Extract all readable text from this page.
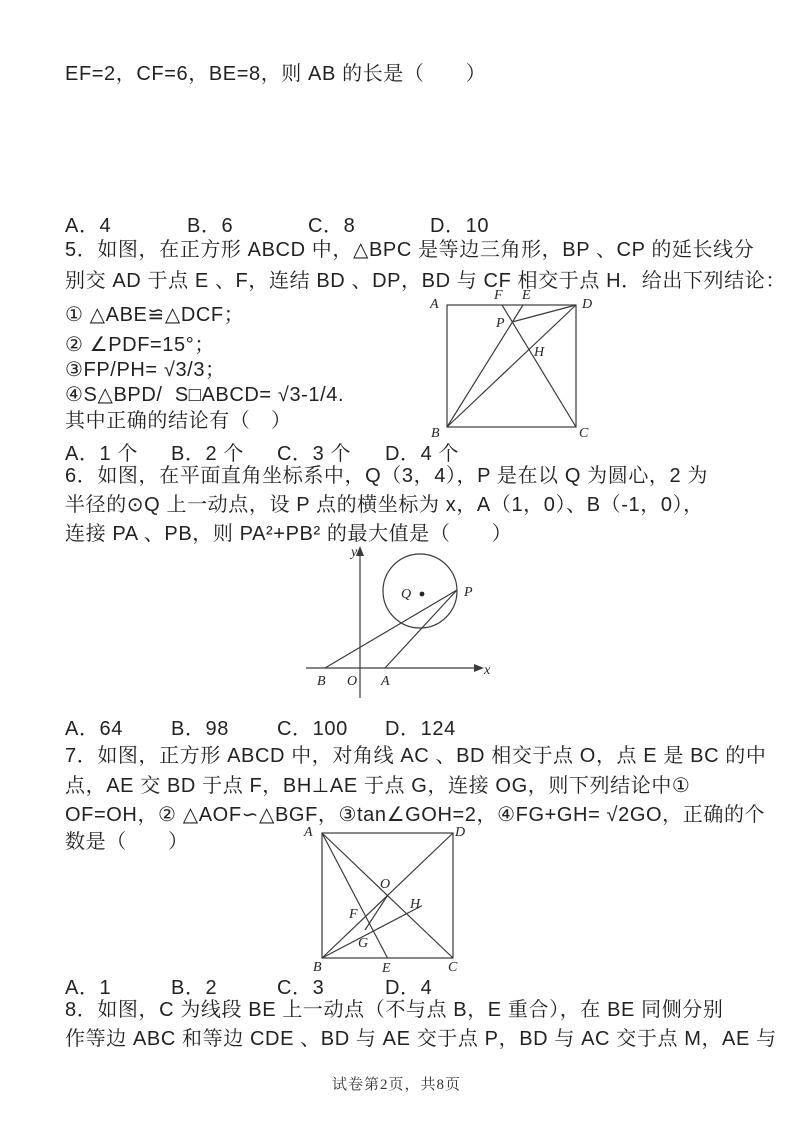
EF=2，CF=6，BE=8，则 AB 的长是（　　）
A．4	B．6	C．8	D．10
5．如图，在正方形 ABCD 中，△BPC 是等边三角形，BP 、CP 的延长线分
别交 AD 于点 E 、F，连结 BD 、DP，BD 与 CF 相交于点 H．给出下列结论：
① △ABE≌△DCF；
② ∠PDF=15°；
③FP/PH= √3/3；
④S△BPD/  S□ABCD= √3-1/4.
其中正确的结论有（　）
A．1 个	B．2 个	C．3 个	D．4 个
A
F E
D
P
H
B	C
6．如图，在平面直角坐标系中，Q（3，4），P 是在以 Q 为圆心，2 为
半径的⊙Q 上一动点，设 P 点的横坐标为 x，A（1，0）、B（-1，0），
连接 PA 、PB，则 PA²+PB² 的最大值是（　　）
y
x
Q	P
B O A
A．64	B．98	C．100	D．124
7．如图，正方形 ABCD 中，对角线 AC 、BD 相交于点 O，点 E 是 BC 的中
点，AE 交 BD 于点 F，BH⊥AE 于点 G，连接 OG，则下列结论中①
OF=OH，② △AOF∽△BGF，③tan∠GOH=2，④FG+GH= √2GO，正确的个
数是（　　）	A	D
O
F
H
G
B	E	C
A．1	B．2	C．3	D．4
8．如图，C 为线段 BE 上一动点（不与点 B，E 重合），在 BE 同侧分别
作等边 ABC 和等边 CDE 、BD 与 AE 交于点 P，BD 与 AC 交于点 M，AE 与
试卷第2页，共8页
